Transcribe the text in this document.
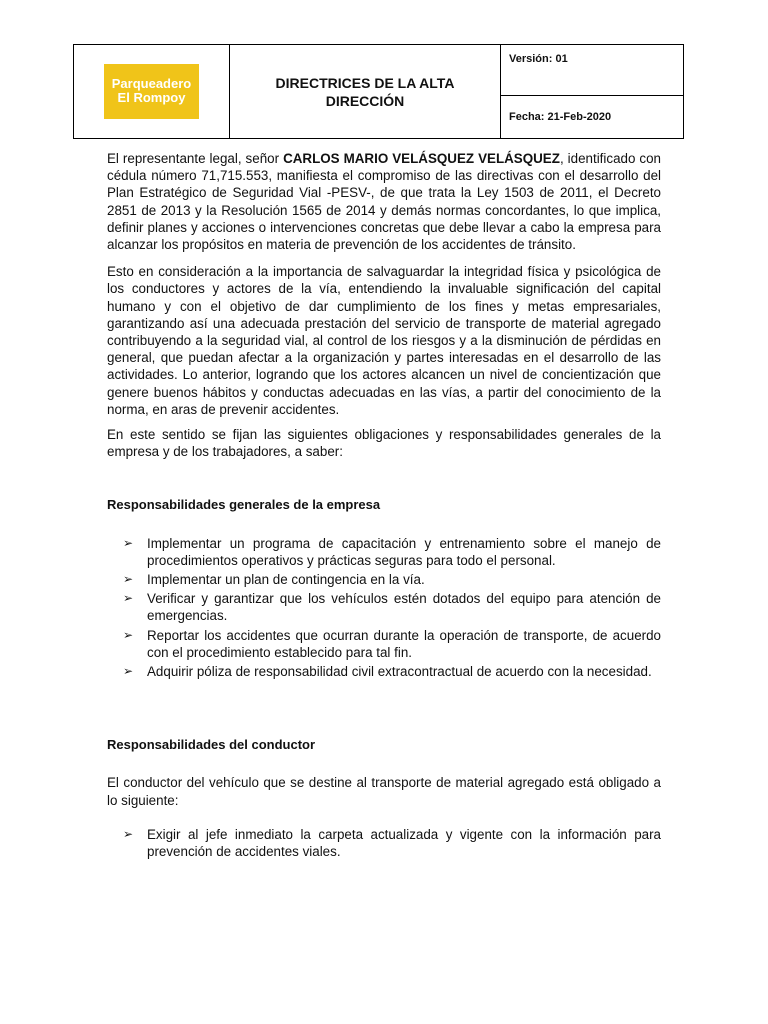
Parqueadero
El Rompoy

DIRECTRICES DE LA ALTA
DIRECCIÓN
	Versión: 01
Fecha: 21-Feb-2020

El representante legal, señor CARLOS MARIO VELÁSQUEZ VELÁSQUEZ, identificado con cédula número 71,715.553, manifiesta el compromiso de las directivas con el desarrollo del Plan Estratégico de Seguridad Vial -PESV-, de que trata la Ley 1503 de 2011, el Decreto 2851 de 2013 y la Resolución 1565 de 2014 y demás normas concordantes, lo que implica, definir planes y acciones o intervenciones concretas que debe llevar a cabo la empresa para alcanzar los propósitos en materia de prevención de los accidentes de tránsito.

Esto en consideración a la importancia de salvaguardar la integridad física y psicológica de los conductores y actores de la vía, entendiendo la invaluable significación del capital humano y con el objetivo de dar cumplimiento de los fines y metas empresariales, garantizando así una adecuada prestación del servicio de transporte de material agregado contribuyendo a la seguridad vial, al control de los riesgos y a la disminución de pérdidas en general, que puedan afectar a la organización y partes interesadas en el desarrollo de las actividades. Lo anterior, logrando que los actores alcancen un nivel de concientización que genere buenos hábitos y conductas adecuadas en las vías, a partir del conocimiento de la norma, en aras de prevenir accidentes.

En este sentido se fijan las siguientes obligaciones y responsabilidades generales de la empresa y de los trabajadores, a saber:

Responsabilidades generales de la empresa
➢ Implementar un programa de capacitación y entrenamiento sobre el manejo de procedimientos operativos y prácticas seguras para todo el personal.
➢ Implementar un plan de contingencia en la vía.
➢ Verificar y garantizar que los vehículos estén dotados del equipo para atención de emergencias.
➢ Reportar los accidentes que ocurran durante la operación de transporte, de acuerdo con el procedimiento establecido para tal fin.
➢ Adquirir póliza de responsabilidad civil extracontractual de acuerdo con la necesidad.
Responsabilidades del conductor

El conductor del vehículo que se destine al transporte de material agregado está obligado a lo siguiente:

➢ Exigir al jefe inmediato la carpeta actualizada y vigente con la información para prevención de accidentes viales.
